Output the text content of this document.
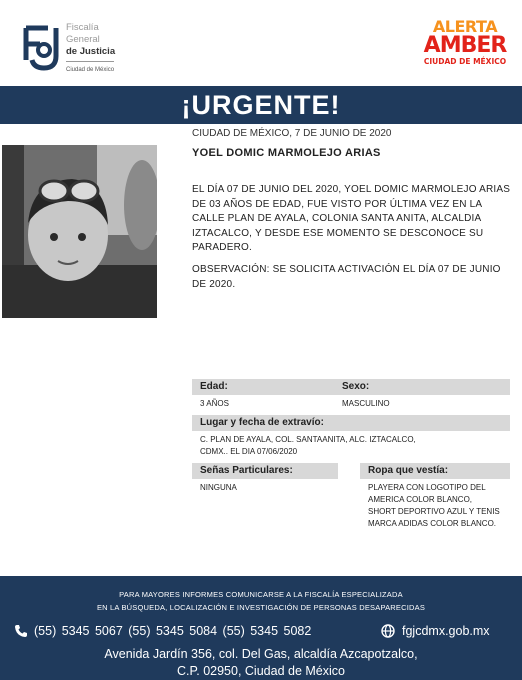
Fiscalía
General
de Justicia
Ciudad de México
ALERTA
AMBER
CIUDAD DE MÉXICO
¡URGENTE!
CIUDAD DE MÉXICO, 7 DE JUNIO DE 2020
YOEL DOMIC MARMOLEJO ARIAS
EL DÍA 07 DE JUNIO DEL 2020, YOEL DOMIC MARMOLEJO ARIAS DE 03 AÑOS DE EDAD, FUE VISTO POR ÚLTIMA VEZ EN LA CALLE PLAN DE AYALA, COLONIA SANTA ANITA, ALCALDIA IZTACALCO, Y DESDE ESE MOMENTO SE DESCONOCE SU PARADERO.
OBSERVACIÓN: SE SOLICITA ACTIVACIÓN EL DÍA 07 DE JUNIO DE 2020.
Edad:	Sexo:
3 AÑOS	MASCULINO
Lugar y fecha de extravío:
C. PLAN DE AYALA, COL. SANTAANITA, ALC. IZTACALCO,
CDMX.. EL DIA 07/06/2020
Señas Particulares:	Ropa que vestía:
NINGUNA	PLAYERA CON LOGOTIPO DEL
AMERICA COLOR BLANCO,
SHORT DEPORTIVO AZUL Y TENIS
MARCA ADIDAS COLOR BLANCO.
PARA MAYORES INFORMES COMUNICARSE A LA FISCALÍA ESPECIALIZADA
EN LA BÚSQUEDA, LOCALIZACIÓN E INVESTIGACIÓN DE PERSONAS DESAPARECIDAS
(55) 5345 5067 (55) 5345 5084 (55) 5345 5082	fgjcdmx.gob.mx
Avenida Jardín 356, col. Del Gas, alcaldía Azcapotzalco,
C.P. 02950, Ciudad de México
